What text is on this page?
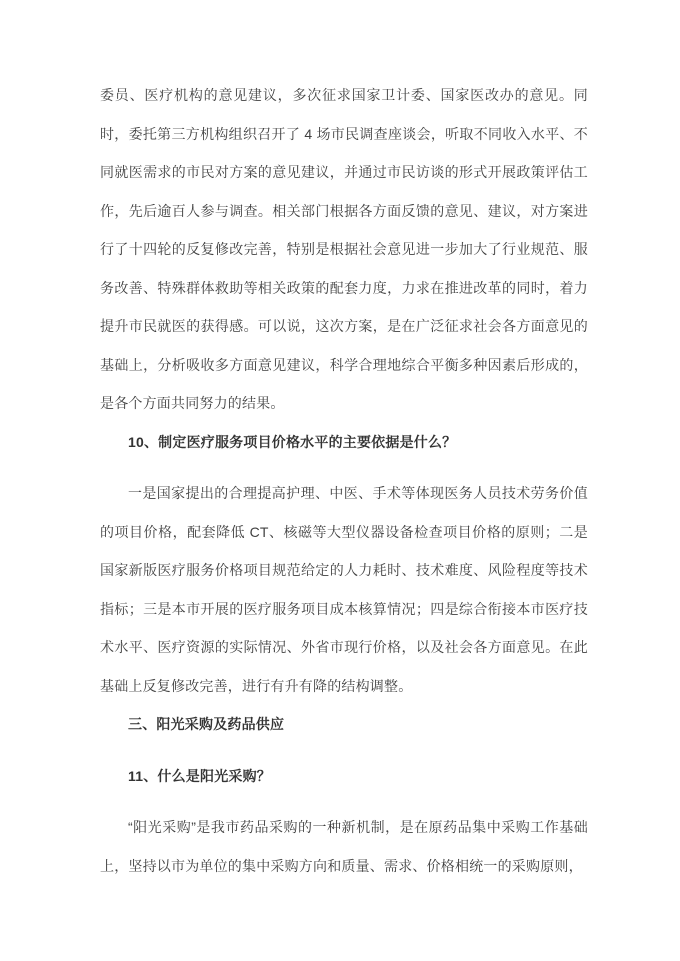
委员、医疗机构的意见建议，多次征求国家卫计委、国家医改办的意见。同时，委托第三方机构组织召开了 4 场市民调查座谈会，听取不同收入水平、不同就医需求的市民对方案的意见建议，并通过市民访谈的形式开展政策评估工作，先后逾百人参与调查。相关部门根据各方面反馈的意见、建议，对方案进行了十四轮的反复修改完善，特别是根据社会意见进一步加大了行业规范、服务改善、特殊群体救助等相关政策的配套力度，力求在推进改革的同时，着力提升市民就医的获得感。可以说，这次方案，是在广泛征求社会各方面意见的基础上，分析吸收多方面意见建议，科学合理地综合平衡多种因素后形成的，是各个方面共同努力的结果。

10、制定医疗服务项目价格水平的主要依据是什么？

一是国家提出的合理提高护理、中医、手术等体现医务人员技术劳务价值的项目价格，配套降低 CT、核磁等大型仪器设备检查项目价格的原则；二是国家新版医疗服务价格项目规范给定的人力耗时、技术难度、风险程度等技术指标；三是本市开展的医疗服务项目成本核算情况；四是综合衔接本市医疗技术水平、医疗资源的实际情况、外省市现行价格，以及社会各方面意见。在此基础上反复修改完善，进行有升有降的结构调整。

三、阳光采购及药品供应

11、什么是阳光采购？

“阳光采购”是我市药品采购的一种新机制，是在原药品集中采购工作基础上，坚持以市为单位的集中采购方向和质量、需求、价格相统一的采购原则，
